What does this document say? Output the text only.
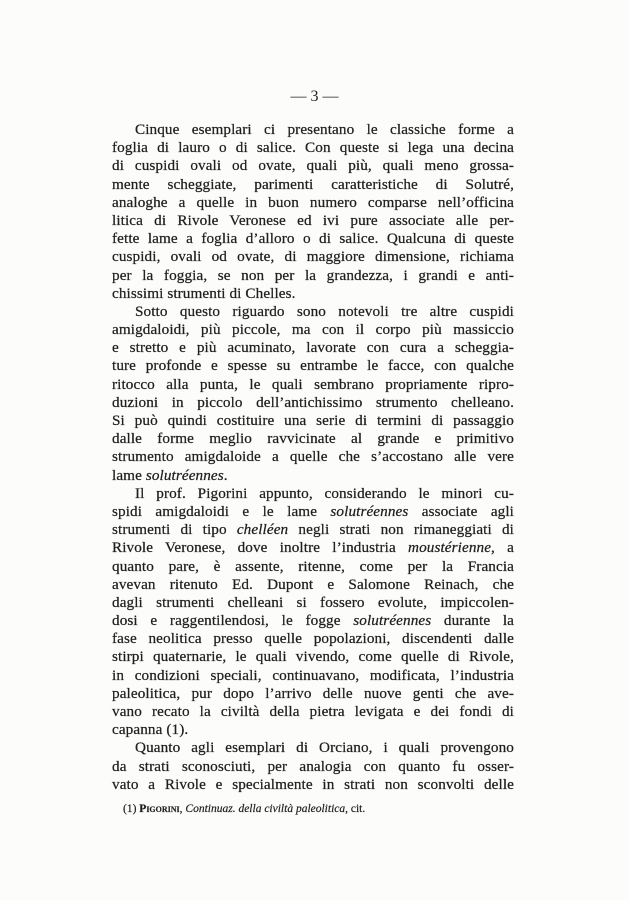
— 3 —
Cinque esemplari ci presentano le classiche forme a
foglia di lauro o di salice. Con queste si lega una decina
di cuspidi ovali od ovate, quali più, quali meno grossa-
mente scheggiate, parimenti caratteristiche di Solutré,
analoghe a quelle in buon numero comparse nell’officina
litica di Rivole Veronese ed ivi pure associate alle per-
fette lame a foglia d’alloro o di salice. Qualcuna di queste
cuspidi, ovali od ovate, di maggiore dimensione, richiama
per la foggia, se non per la grandezza, i grandi e anti-
chissimi strumenti di Chelles.
Sotto questo riguardo sono notevoli tre altre cuspidi
amigdaloidi, più piccole, ma con il corpo più massiccio
e stretto e più acuminato, lavorate con cura a scheggia-
ture profonde e spesse su entrambe le facce, con qualche
ritocco alla punta, le quali sembrano propriamente ripro-
duzioni in piccolo dell’antichissimo strumento chelleano.
Si può quindi costituire una serie di termini di passaggio
dalle forme meglio ravvicinate al grande e primitivo
strumento amigdaloide a quelle che s’accostano alle vere
lame solutréennes.
Il prof. Pigorini appunto, considerando le minori cu-
spidi amigdaloidi e le lame solutréennes associate agli
strumenti di tipo chelléen negli strati non rimaneggiati di
Rivole Veronese, dove inoltre l’industria moustérienne, a
quanto pare, è assente, ritenne, come per la Francia
avevan ritenuto Ed. Dupont e Salomone Reinach, che
dagli strumenti chelleani si fossero evolute, impiccolen-
dosi e raggentilendosi, le fogge solutréennes durante la
fase neolitica presso quelle popolazioni, discendenti dalle
stirpi quaternarie, le quali vivendo, come quelle di Rivole,
in condizioni speciali, continuavano, modificata, l’industria
paleolitica, pur dopo l’arrivo delle nuove genti che ave-
vano recato la civiltà della pietra levigata e dei fondi di
capanna (1).
Quanto agli esemplari di Orciano, i quali provengono
da strati sconosciuti, per analogia con quanto fu osser-
vato a Rivole e specialmente in strati non sconvolti delle
(1) Pigorini, Continuaz. della civiltà paleolitica, cit.
